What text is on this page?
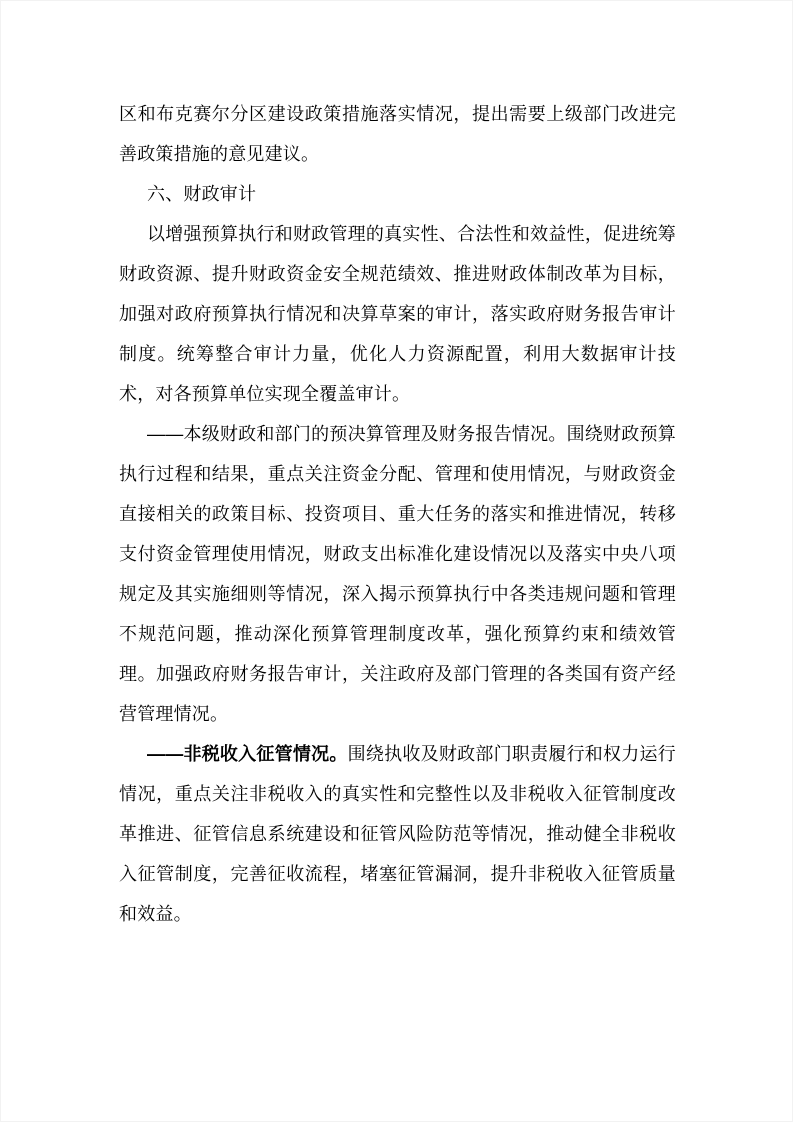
区和布克赛尔分区建设政策措施落实情况，提出需要上级部门改进完善政策措施的意见建议。

六、财政审计

以增强预算执行和财政管理的真实性、合法性和效益性，促进统筹财政资源、提升财政资金安全规范绩效、推进财政体制改革为目标，加强对政府预算执行情况和决算草案的审计，落实政府财务报告审计制度。统筹整合审计力量，优化人力资源配置，利用大数据审计技术，对各预算单位实现全覆盖审计。

——本级财政和部门的预决算管理及财务报告情况。围绕财政预算执行过程和结果，重点关注资金分配、管理和使用情况，与财政资金直接相关的政策目标、投资项目、重大任务的落实和推进情况，转移支付资金管理使用情况，财政支出标准化建设情况以及落实中央八项规定及其实施细则等情况，深入揭示预算执行中各类违规问题和管理不规范问题，推动深化预算管理制度改革，强化预算约束和绩效管理。加强政府财务报告审计，关注政府及部门管理的各类国有资产经营管理情况。

——非税收入征管情况。围绕执收及财政部门职责履行和权力运行情况，重点关注非税收入的真实性和完整性以及非税收入征管制度改革推进、征管信息系统建设和征管风险防范等情况，推动健全非税收入征管制度，完善征收流程，堵塞征管漏洞，提升非税收入征管质量和效益。
